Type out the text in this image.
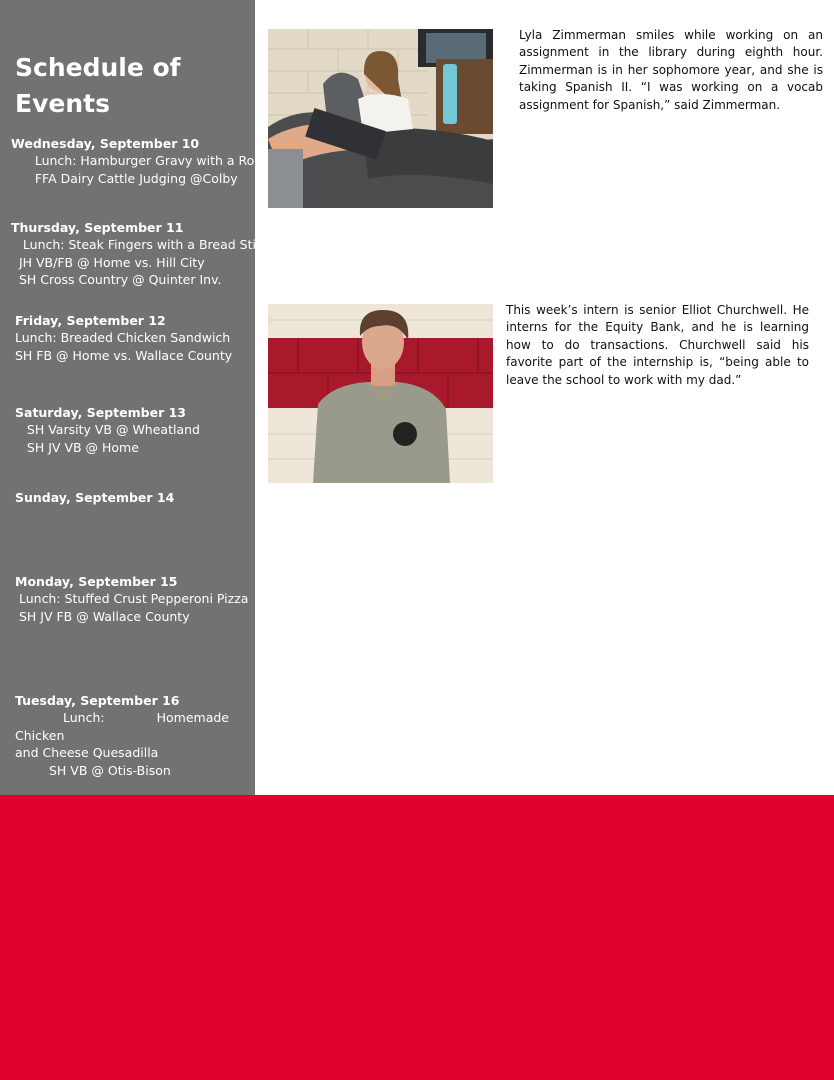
Schedule of Events
Wednesday, September 10
Lunch: Hamburger Gravy with a Roll
FFA Dairy Cattle Judging @Colby
Thursday, September 11
Lunch: Steak Fingers with a Bread Stick
JH VB/FB @ Home vs. Hill City
SH Cross Country @ Quinter Inv.
Friday, September 12
Lunch: Breaded Chicken Sandwich
SH FB @ Home vs. Wallace County
Saturday, September 13
SH Varsity VB @ Wheatland
SH JV VB @ Home
Sunday, September 14
Monday, September 15
Lunch: Stuffed Crust Pepperoni Pizza
SH JV FB @ Wallace County
Tuesday, September 16
Lunch: Homemade Chicken
and Cheese Quesadilla
SH VB @ Otis-Bison

Lyla Zimmerman smiles while working on an assignment in the library during eighth hour. Zimmerman is in her sophomore year, and she is taking Spanish II. “I was working on a vocab assignment for Spanish,” said Zimmerman.

This week’s intern is senior Elliot Churchwell. He interns for the Equity Bank, and he is learning how to do transactions. Churchwell said his favorite part of the internship is, “being able to leave the school to work with my dad.”
